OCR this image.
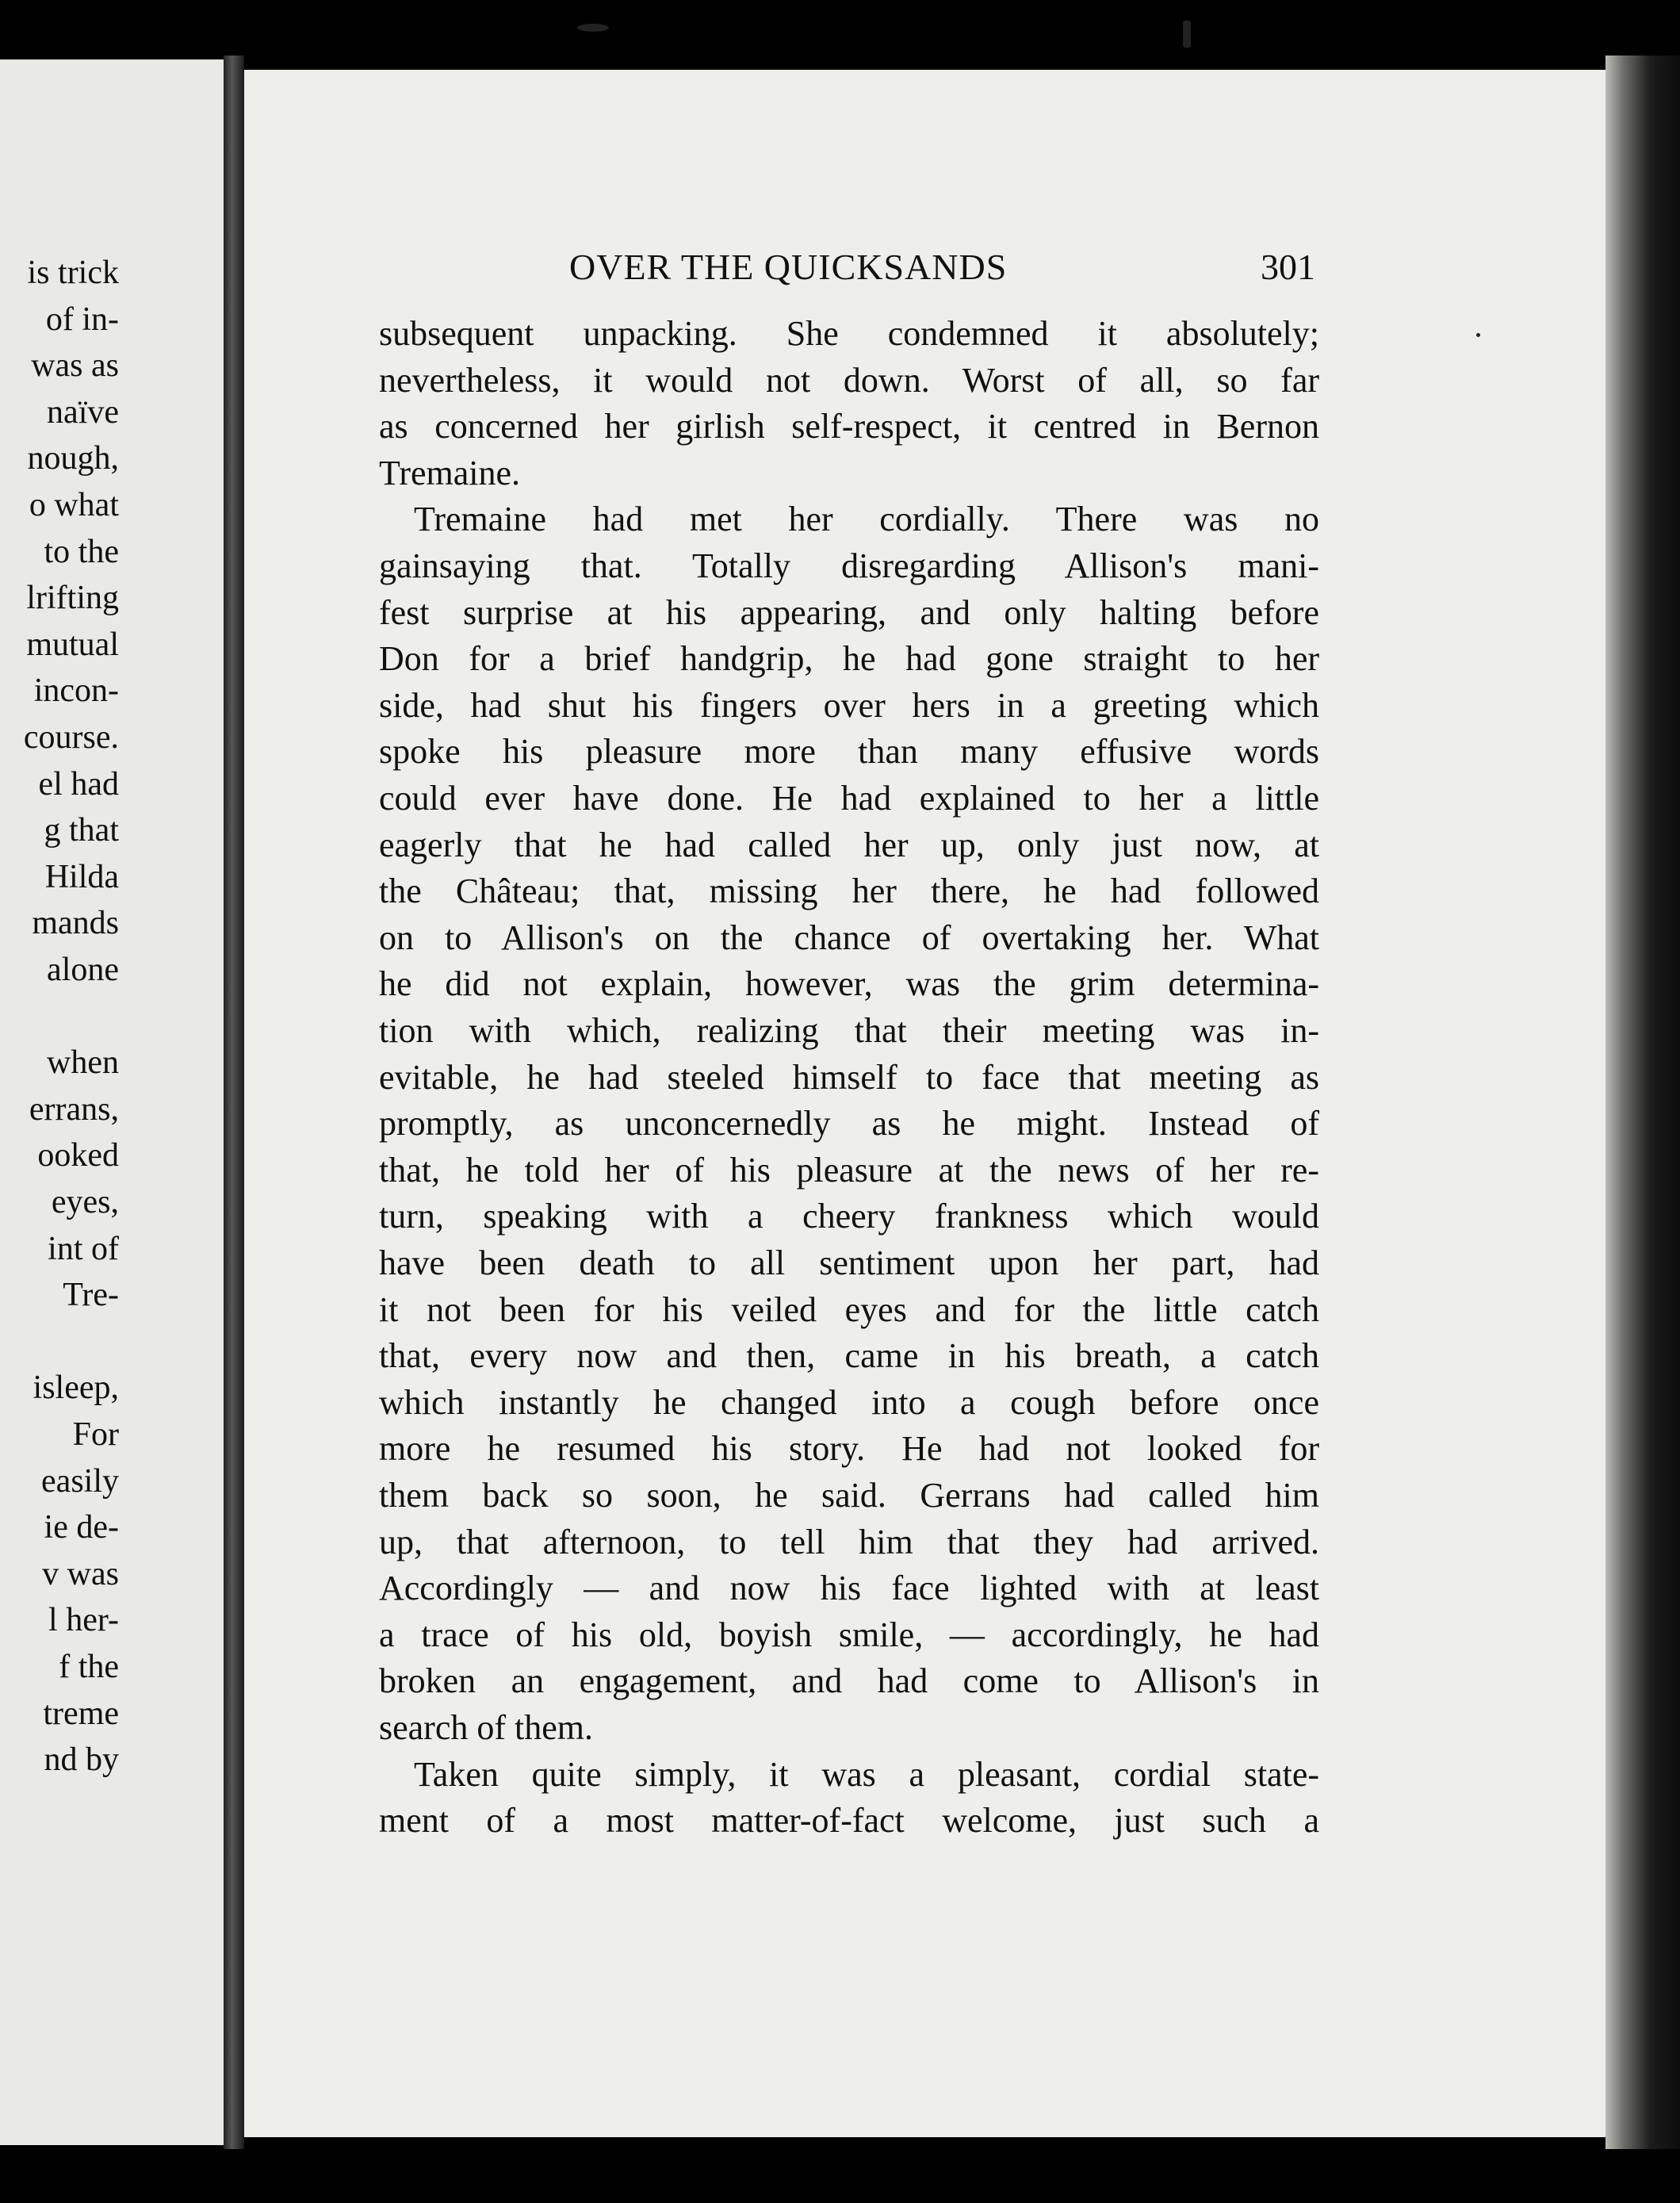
is trick
of in-
was as
naïve
nough,
o what
to the
lrifting
mutual
incon-
course.
el had
g that
Hilda
mands
alone
when
errans,
ooked
eyes,
int of
Tre-
isleep,
For
easily
ie de-
v was
l her-
f the
treme
nd by
OVER THE QUICKSANDS	301
subsequent unpacking. She condemned it absolutely;
nevertheless, it would not down. Worst of all, so far
as concerned her girlish self-respect, it centred in Bernon
Tremaine.
Tremaine had met her cordially. There was no
gainsaying that. Totally disregarding Allison's mani-
fest surprise at his appearing, and only halting before
Don for a brief handgrip, he had gone straight to her
side, had shut his fingers over hers in a greeting which
spoke his pleasure more than many effusive words
could ever have done. He had explained to her a little
eagerly that he had called her up, only just now, at
the Château; that, missing her there, he had followed
on to Allison's on the chance of overtaking her. What
he did not explain, however, was the grim determina-
tion with which, realizing that their meeting was in-
evitable, he had steeled himself to face that meeting as
promptly, as unconcernedly as he might. Instead of
that, he told her of his pleasure at the news of her re-
turn, speaking with a cheery frankness which would
have been death to all sentiment upon her part, had
it not been for his veiled eyes and for the little catch
that, every now and then, came in his breath, a catch
which instantly he changed into a cough before once
more he resumed his story. He had not looked for
them back so soon, he said. Gerrans had called him
up, that afternoon, to tell him that they had arrived.
Accordingly — and now his face lighted with at least
a trace of his old, boyish smile, — accordingly, he had
broken an engagement, and had come to Allison's in
search of them.
Taken quite simply, it was a pleasant, cordial state-
ment of a most matter-of-fact welcome, just such a
